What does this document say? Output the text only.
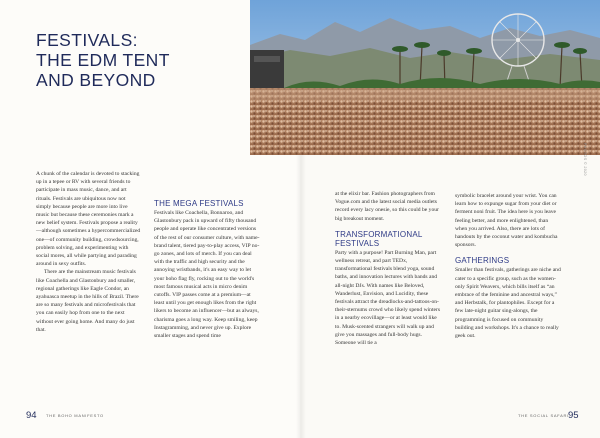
FESTIVALS:
THE EDM TENT
AND BEYOND
PHOTOS © 2020

A chunk of the calendar is devoted to stacking up in a tepee or RV with several friends to participate in mass music, dance, and art rituals. Festivals are ubiquitous now not simply because people are more into live music but because these ceremonies mark a new belief system. Festivals propose a reality—although sometimes a hypercommercialized one—of community building, crowdsourcing, problem solving, and experimenting with social mores, all while partying and parading around in sexy outfits.

There are the mainstream music festivals like Coachella and Glastonbury and smaller, regional gatherings like Eagle Condor, an ayahuasca meetup in the hills of Brazil. There are so many festivals and microfestivals that you can easily hop from one to the next without ever going home. And many do just that.

THE MEGA FESTIVALS

Festivals like Coachella, Bonnaroo, and Glastonbury pack in upward of fifty thousand people and operate like concentrated versions of the rest of our consumer culture, with name-brand talent, tiered pay-to-play access, VIP no-go zones, and lots of merch. If you can deal with the traffic and high security and the annoying wristbands, it's an easy way to let your boho flag fly, rocking out to the world's most famous musical acts in micro denim cutoffs. VIP passes come at a premium—at least until you get enough likes from the right likers to become an influencer—but as always, charisma goes a long way. Keep smiling, keep Instagramming, and never give up. Explore smaller stages and spend time

at the elixir bar. Fashion photographers from Vogue.com and the latest social media outlets record every lacy onesie, so this could be your big breakout moment.

TRANSFORMATIONAL FESTIVALS

Party with a purpose! Part Burning Man, part wellness retreat, and part TEDx, transformational festivals blend yoga, sound baths, and innovation lectures with bands and all-night DJs. With names like Beloved, Wanderlust, Envision, and Lucidity, these festivals attract the dreadlocks-and-tattoos-on-their-sternums crowd who likely spend winters in a nearby ecovillage—or at least would like to. Musk-scented strangers will walk up and give you massages and full-body hugs. Someone will tie a

symbolic bracelet around your wrist. You can learn how to expunge sugar from your diet or ferment noni fruit. The idea here is you leave feeling better, and more enlightened, than when you arrived. Also, there are lots of handouts by the coconut water and kombucha sponsors.

GATHERINGS

Smaller than festivals, gatherings are niche and cater to a specific group, such as the women-only Spirit Weavers, which bills itself as “an embrace of the feminine and ancestral ways,” and Herbstalk, for plantophiles. Except for a few late-night guitar sing-alongs, the programming is focused on community building and workshops. It's a chance to really geek out.

94 THE BOHO MANIFESTO	THE SOCIAL SAFARI 95
